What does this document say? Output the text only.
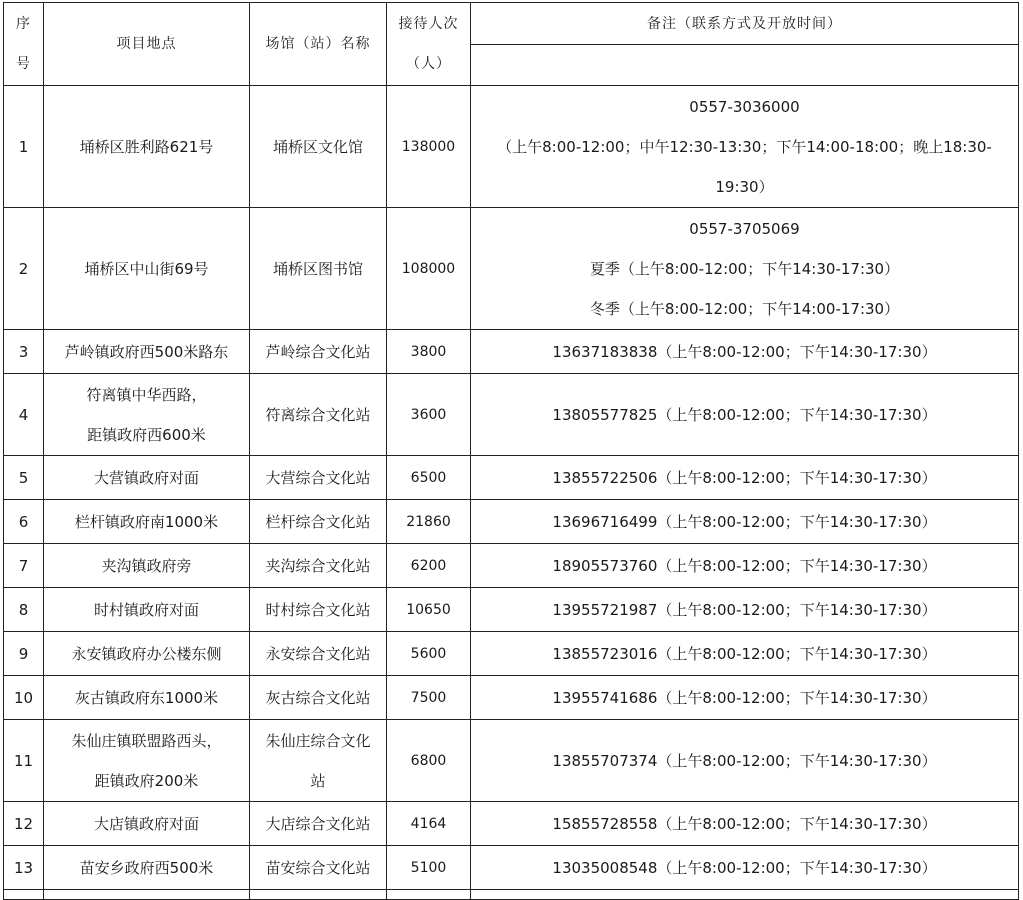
序
号	项目地点	场馆（站）名称	接待人次
（人）	备注（联系方式及开放时间）

1	埇桥区胜利路621号	埇桥区文化馆	138000	0557-3036000
（上午8:00-12:00；中午12:30-13:30；下午14:00-18:00；晚上18:30-
19:30）

2	埇桥区中山街69号	埇桥区图书馆	108000	0557-3705069
夏季（上午8:00-12:00；下午14:30-17:30）
冬季（上午8:00-12:00；下午14:00-17:30）

3	芦岭镇政府西500米路东	芦岭综合文化站	3800	13637183838（上午8:00-12:00；下午14:30-17:30）
4	符离镇中华西路，
距镇政府西600米	符离综合文化站	3600	13805577825（上午8:00-12:00；下午14:30-17:30）
5	大营镇政府对面	大营综合文化站	6500	13855722506（上午8:00-12:00；下午14:30-17:30）
6	栏杆镇政府南1000米	栏杆综合文化站	21860	13696716499（上午8:00-12:00；下午14:30-17:30）
7	夹沟镇政府旁	夹沟综合文化站	6200	18905573760（上午8:00-12:00；下午14:30-17:30）
8	时村镇政府对面	时村综合文化站	10650	13955721987（上午8:00-12:00；下午14:30-17:30）
9	永安镇政府办公楼东侧	永安综合文化站	5600	13855723016（上午8:00-12:00；下午14:30-17:30）
10	灰古镇政府东1000米	灰古综合文化站	7500	13955741686（上午8:00-12:00；下午14:30-17:30）
11	朱仙庄镇联盟路西头，
距镇政府200米	朱仙庄综合文化
站	6800	13855707374（上午8:00-12:00；下午14:30-17:30）
12	大店镇政府对面	大店综合文化站	4164	15855728558（上午8:00-12:00；下午14:30-17:30）
13	苗安乡政府西500米	苗安综合文化站	5100	13035008548（上午8:00-12:00；下午14:30-17:30）
